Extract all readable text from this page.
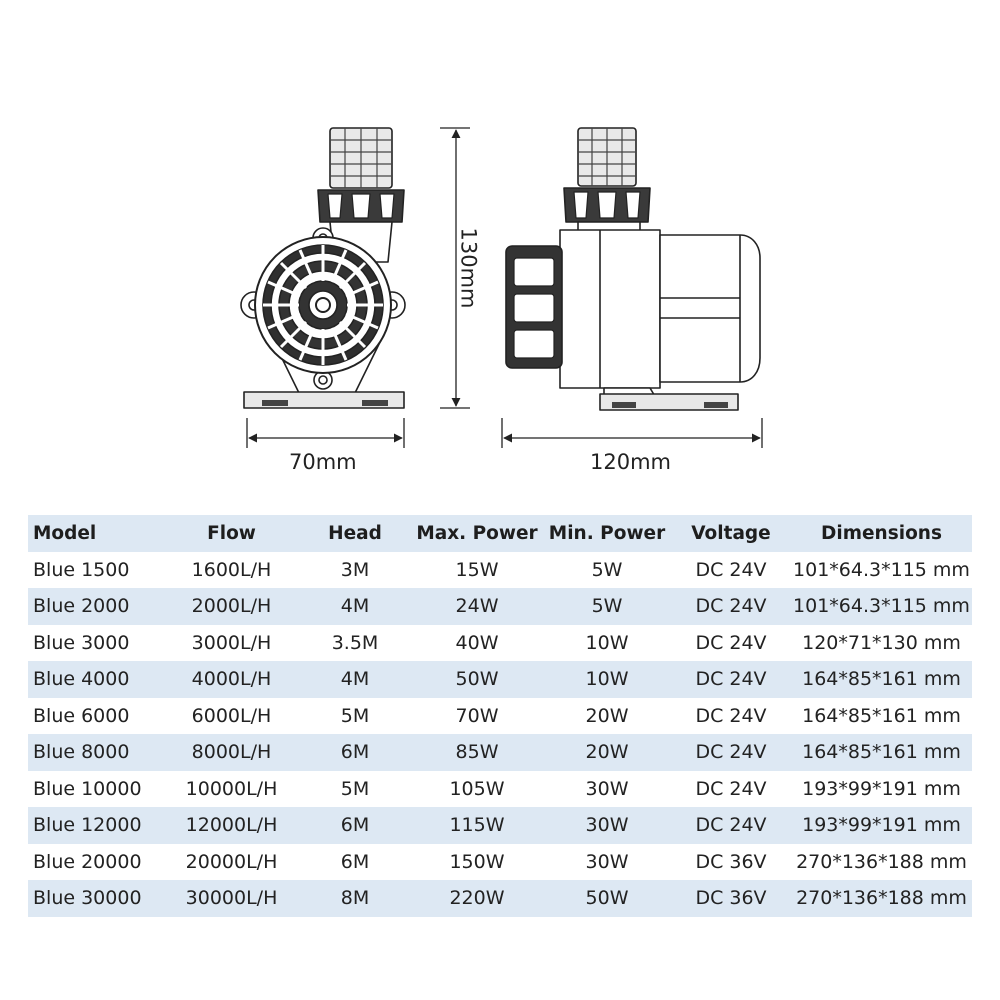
70mm	120mm
130mm
Model	Flow	Head	Max. Power	Min. Power	Voltage	Dimensions
Blue 1500	1600L/H	3M	15W	5W	DC 24V	101*64.3*115 mm
Blue 2000	2000L/H	4M	24W	5W	DC 24V	101*64.3*115 mm
Blue 3000	3000L/H	3.5M	40W	10W	DC 24V	120*71*130 mm
Blue 4000	4000L/H	4M	50W	10W	DC 24V	164*85*161 mm
Blue 6000	6000L/H	5M	70W	20W	DC 24V	164*85*161 mm
Blue 8000	8000L/H	6M	85W	20W	DC 24V	164*85*161 mm
Blue 10000	10000L/H	5M	105W	30W	DC 24V	193*99*191 mm
Blue 12000	12000L/H	6M	115W	30W	DC 24V	193*99*191 mm
Blue 20000	20000L/H	6M	150W	30W	DC 36V	270*136*188 mm
Blue 30000	30000L/H	8M	220W	50W	DC 36V	270*136*188 mm
